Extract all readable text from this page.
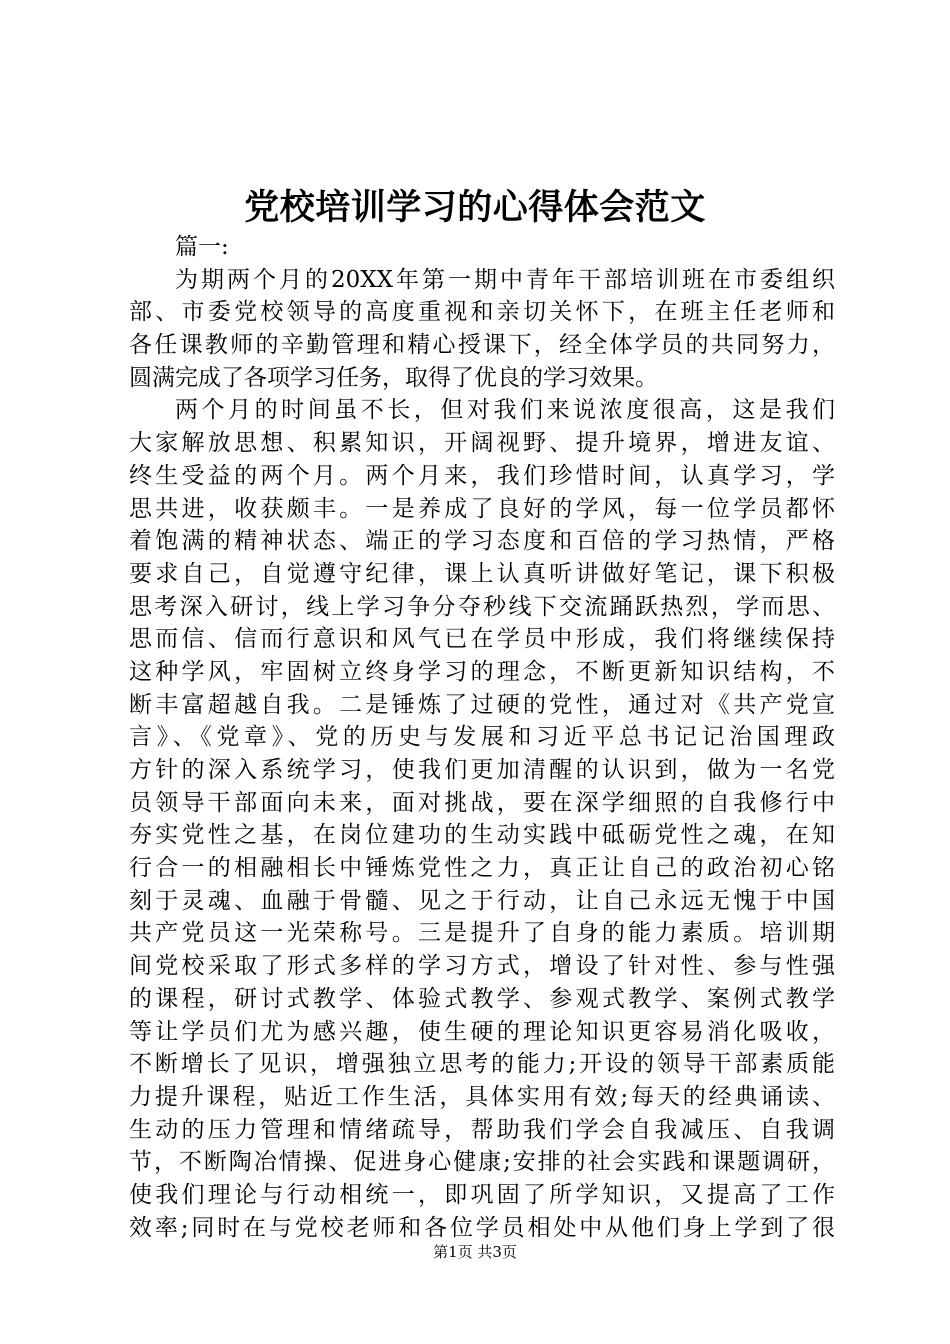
党校培训学习的心得体会范文
篇一:
为期两个月的20XX年第一期中青年干部培训班在市委组织
部、市委党校领导的高度重视和亲切关怀下，在班主任老师和
各任课教师的辛勤管理和精心授课下，经全体学员的共同努力，
圆满完成了各项学习任务，取得了优良的学习效果。
两个月的时间虽不长，但对我们来说浓度很高，这是我们
大家解放思想、积累知识，开阔视野、提升境界，增进友谊、
终生受益的两个月。两个月来，我们珍惜时间，认真学习，学
思共进，收获颇丰。一是养成了良好的学风，每一位学员都怀
着饱满的精神状态、端正的学习态度和百倍的学习热情，严格
要求自己，自觉遵守纪律，课上认真听讲做好笔记，课下积极
思考深入研讨，线上学习争分夺秒线下交流踊跃热烈，学而思、
思而信、信而行意识和风气已在学员中形成，我们将继续保持
这种学风，牢固树立终身学习的理念，不断更新知识结构，不
断丰富超越自我。二是锤炼了过硬的党性，通过对《共产党宣
言》、《党章》、党的历史与发展和习近平总书记记治国理政
方针的深入系统学习，使我们更加清醒的认识到，做为一名党
员领导干部面向未来，面对挑战，要在深学细照的自我修行中
夯实党性之基，在岗位建功的生动实践中砥砺党性之魂，在知
行合一的相融相长中锤炼党性之力，真正让自己的政治初心铭
刻于灵魂、血融于骨髓、见之于行动，让自己永远无愧于中国
共产党员这一光荣称号。三是提升了自身的能力素质。培训期
间党校采取了形式多样的学习方式，增设了针对性、参与性强
的课程，研讨式教学、体验式教学、参观式教学、案例式教学
等让学员们尤为感兴趣，使生硬的理论知识更容易消化吸收，
不断增长了见识，增强独立思考的能力;开设的领导干部素质能
力提升课程，贴近工作生活，具体实用有效;每天的经典诵读、
生动的压力管理和情绪疏导，帮助我们学会自我减压、自我调
节，不断陶冶情操、促进身心健康;安排的社会实践和课题调研，
使我们理论与行动相统一，即巩固了所学知识，又提高了工作
效率;同时在与党校老师和各位学员相处中从他们身上学到了很
第1页 共3页
